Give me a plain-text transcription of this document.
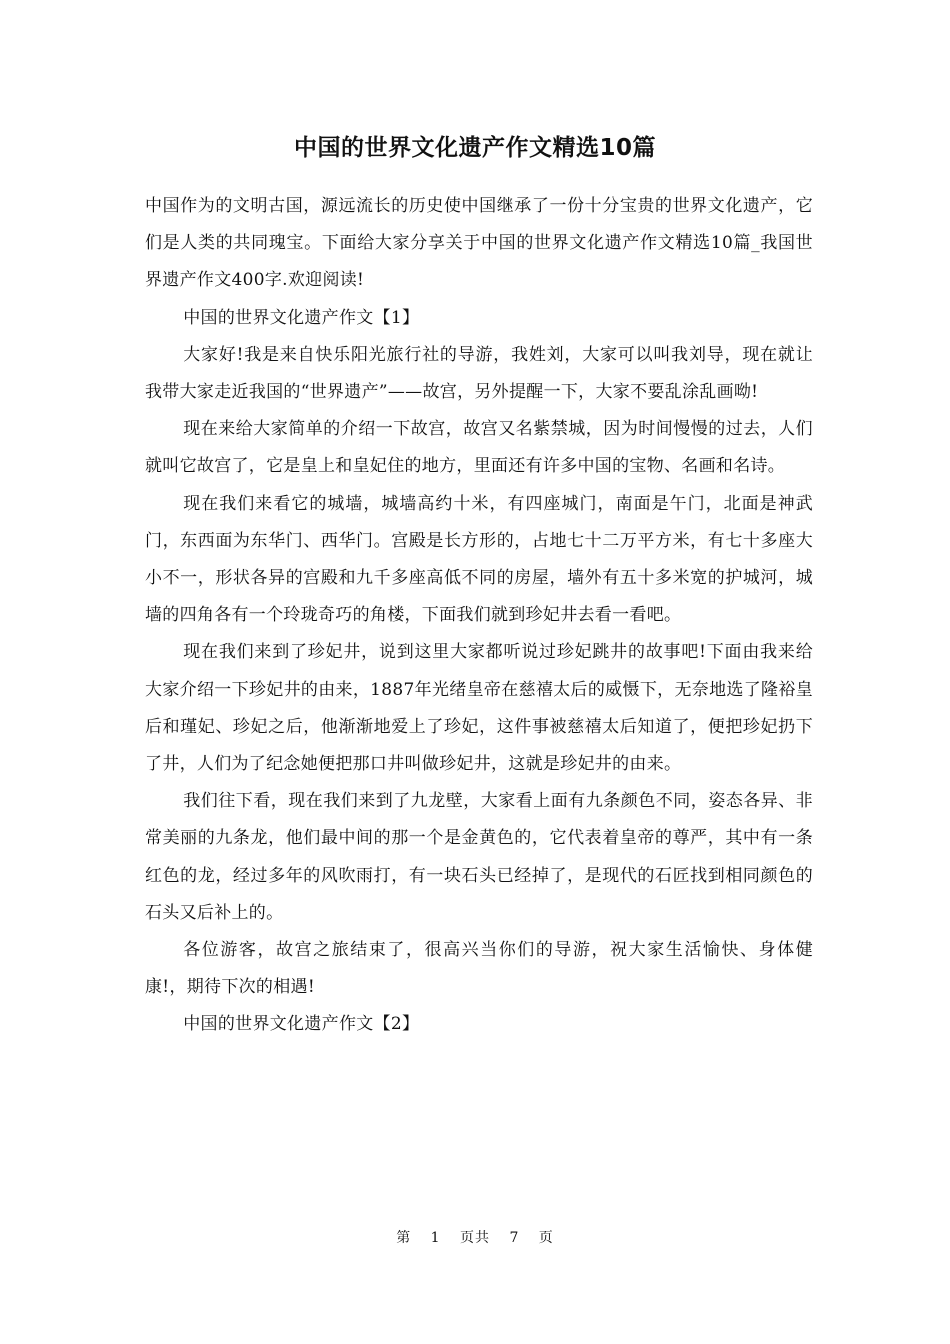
中国的世界文化遗产作文精选10篇

中国作为的文明古国，源远流长的历史使中国继承了一份十分宝贵的世界文化遗产，它们是人类的共同瑰宝。下面给大家分享关于中国的世界文化遗产作文精选10篇_我国世界遗产作文400字.欢迎阅读!

中国的世界文化遗产作文【1】

大家好!我是来自快乐阳光旅行社的导游，我姓刘，大家可以叫我刘导，现在就让我带大家走近我国的“世界遗产”——故宫，另外提醒一下，大家不要乱涂乱画呦!

现在来给大家简单的介绍一下故宫，故宫又名紫禁城，因为时间慢慢的过去，人们就叫它故宫了，它是皇上和皇妃住的地方，里面还有许多中国的宝物、名画和名诗。

现在我们来看它的城墙，城墙高约十米，有四座城门，南面是午门，北面是神武门，东西面为东华门、西华门。宫殿是长方形的，占地七十二万平方米，有七十多座大小不一，形状各异的宫殿和九千多座高低不同的房屋，墙外有五十多米宽的护城河，城墙的四角各有一个玲珑奇巧的角楼，下面我们就到珍妃井去看一看吧。

现在我们来到了珍妃井，说到这里大家都听说过珍妃跳井的故事吧!下面由我来给大家介绍一下珍妃井的由来，1887年光绪皇帝在慈禧太后的威慑下，无奈地选了隆裕皇后和瑾妃、珍妃之后，他渐渐地爱上了珍妃，这件事被慈禧太后知道了，便把珍妃扔下了井，人们为了纪念她便把那口井叫做珍妃井，这就是珍妃井的由来。

我们往下看，现在我们来到了九龙壁，大家看上面有九条颜色不同，姿态各异、非常美丽的九条龙，他们最中间的那一个是金黄色的，它代表着皇帝的尊严，其中有一条红色的龙，经过多年的风吹雨打，有一块石头已经掉了，是现代的石匠找到相同颜色的石头又后补上的。

各位游客，故宫之旅结束了，很高兴当你们的导游，祝大家生活愉快、身体健康!，期待下次的相遇!

中国的世界文化遗产作文【2】

第 1 页共 7 页
